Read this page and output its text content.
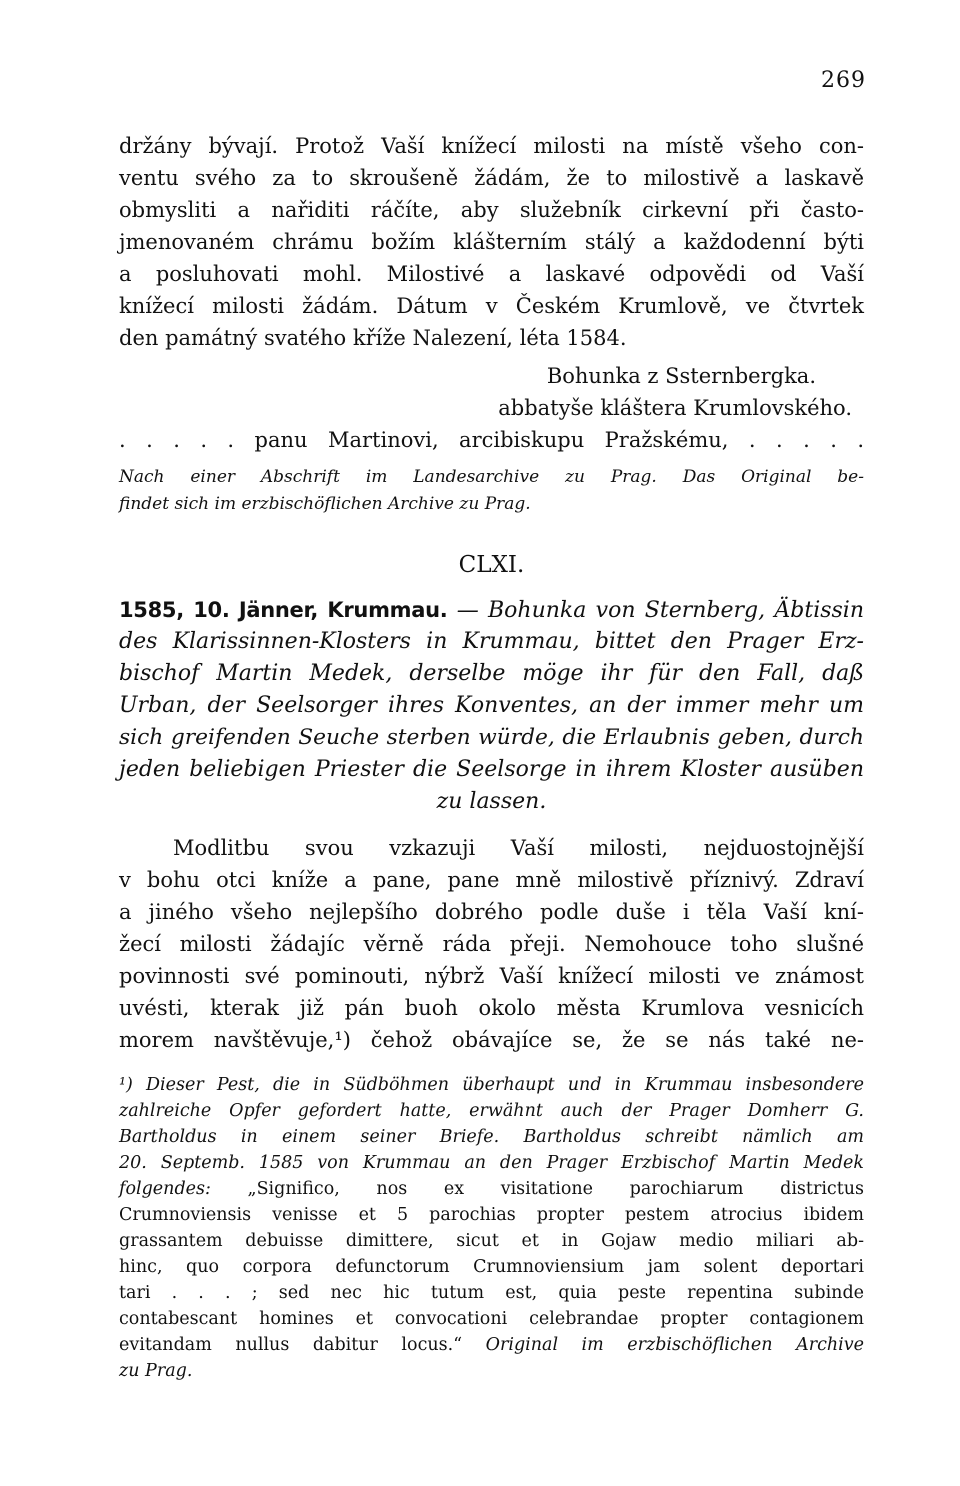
269
držány bývají. Protož Vaší knížecí milosti na místě všeho con-
ventu svého za to skroušeně žádám, že to milostivě a laskavě
obmysliti a nařiditi ráčíte, aby služebník cirkevní při často-
jmenovaném chrámu božím klášterním stálý a každodenní býti
a posluhovati mohl. Milostivé a laskavé odpovědi od Vaší
knížecí milosti žádám. Dátum v Českém Krumlově, ve čtvrtek
den památný svatého kříže Nalezení, léta 1584.
Bohunka z Ssternbergka.
abbatyše kláštera Krumlovského.
. . . . . panu Martinovi, arcibiskupu Pražskému, . . . . .
Nach einer Abschrift im Landesarchive zu Prag. Das Original be-
findet sich im erzbischöflichen Archive zu Prag.
CLXI.
1585, 10. Jänner, Krummau. — Bohunka von Sternberg, Äbtissin
des Klarissinnen-Klosters in Krummau, bittet den Prager Erz-
bischof Martin Medek, derselbe möge ihr für den Fall, daß
Urban, der Seelsorger ihres Konventes, an der immer mehr um
sich greifenden Seuche sterben würde, die Erlaubnis geben, durch
jeden beliebigen Priester die Seelsorge in ihrem Kloster ausüben
zu lassen.
Modlitbu svou vzkazuji Vaší milosti, nejduostojnější
v bohu otci kníže a pane, pane mně milostivě příznivý. Zdraví
a jiného všeho nejlepšího dobrého podle duše i těla Vaší kní-
žecí milosti žádajíc věrně ráda přeji. Nemohouce toho slušné
povinnosti své pominouti, nýbrž Vaší knížecí milosti ve známost
uvésti, kterak již pán buoh okolo města Krumlova vesnicích
morem navštěvuje,¹) čehož obávajíce se, že se nás také ne-
¹) Dieser Pest, die in Südböhmen überhaupt und in Krummau insbesondere
zahlreiche Opfer gefordert hatte, erwähnt auch der Prager Domherr G.
Bartholdus in einem seiner Briefe. Bartholdus schreibt nämlich am
20. Septemb. 1585 von Krummau an den Prager Erzbischof Martin Medek
folgendes: „Significo, nos ex visitatione parochiarum districtus
Crumnoviensis venisse et 5 parochias propter pestem atrocius ibidem
grassantem debuisse dimittere, sicut et in Gojaw medio miliari ab-
hinc, quo corpora defunctorum Crumnoviensium jam solent deportari
tari . . . ; sed nec hic tutum est, quia peste repentina subinde
contabescant homines et convocationi celebrandae propter contagionem
evitandam nullus dabitur locus.“ Original im erzbischöflichen Archive
zu Prag.
